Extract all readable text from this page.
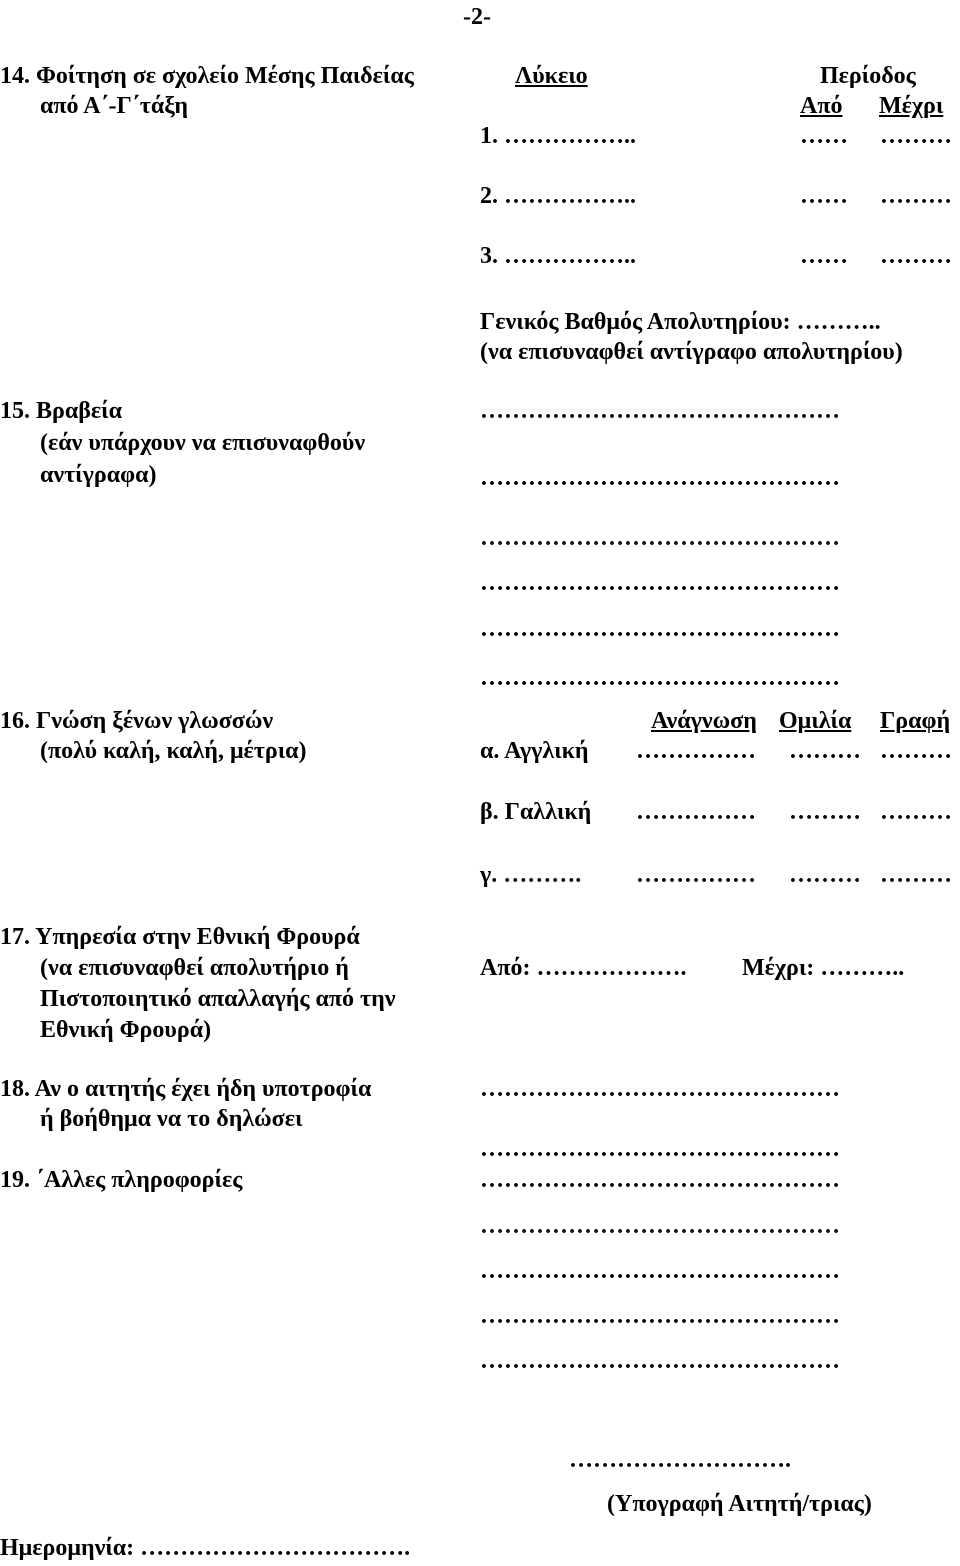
-2-
14. Φοίτηση σε σχολείο Μέσης Παιδείας
από Α΄-Γ΄τάξη
Λύκειο	Περίοδος
Από Μέχρι
1. ……………..	…… ………
2. ……………..	…… ………
3. ……………..	…… ………
Γενικός Βαθμός Απολυτηρίου: ………..
(να επισυναφθεί αντίγραφο απολυτηρίου)
15. Βραβεία
(εάν υπάρχουν να επισυναφθούν
αντίγραφα)
………………………………………
………………………………………
………………………………………
………………………………………
………………………………………
………………………………………
16. Γνώση ξένων γλωσσών
(πολύ καλή, καλή, μέτρια)
Ανάγνωση Ομιλία Γραφή
α. Αγγλική …………… ……… ………
β. Γαλλική …………… ……… ………
γ. ………. …………… ……… ………
17. Υπηρεσία στην Εθνική Φρουρά
(να επισυναφθεί απολυτήριο ή
Πιστοποιητικό απαλλαγής από την
Εθνική Φρουρά)
Από: ………………. Μέχρι: ………..
18. Αν ο αιτητής έχει ήδη υποτροφία
ή βοήθημα να το δηλώσει
………………………………………
………………………………………
19. ΄Αλλες πληροφορίες	………………………………………
………………………………………
………………………………………
………………………………………
………………………………………
……………………….
(Υπογραφή Αιτητή/τριας)
Ημερομηνία: …………………………….
